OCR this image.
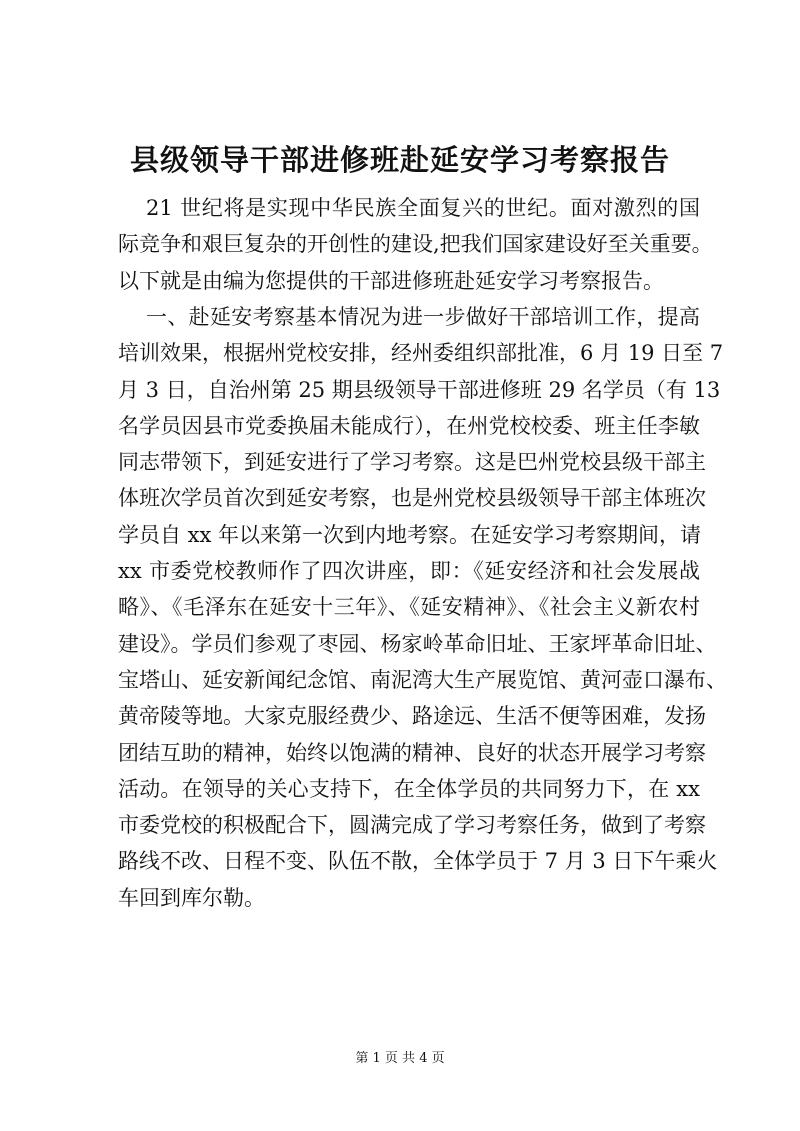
县级领导干部进修班赴延安学习考察报告
21 世纪将是实现中华民族全面复兴的世纪。面对激烈的国
际竞争和艰巨复杂的开创性的建设,把我们国家建设好至关重要。
以下就是由编为您提供的干部进修班赴延安学习考察报告。
一、赴延安考察基本情况为进一步做好干部培训工作，提高
培训效果，根据州党校安排，经州委组织部批准，6 月 19 日至 7
月 3 日，自治州第 25 期县级领导干部进修班 29 名学员（有 13
名学员因县市党委换届未能成行），在州党校校委、班主任李敏
同志带领下，到延安进行了学习考察。这是巴州党校县级干部主
体班次学员首次到延安考察，也是州党校县级领导干部主体班次
学员自 xx 年以来第一次到内地考察。在延安学习考察期间，请
xx 市委党校教师作了四次讲座，即：《延安经济和社会发展战
略》、《毛泽东在延安十三年》、《延安精神》、《社会主义新农村
建设》。学员们参观了枣园、杨家岭革命旧址、王家坪革命旧址、
宝塔山、延安新闻纪念馆、南泥湾大生产展览馆、黄河壶口瀑布、
黄帝陵等地。大家克服经费少、路途远、生活不便等困难，发扬
团结互助的精神，始终以饱满的精神、良好的状态开展学习考察
活动。在领导的关心支持下，在全体学员的共同努力下，在 xx
市委党校的积极配合下，圆满完成了学习考察任务，做到了考察
路线不改、日程不变、队伍不散，全体学员于 7 月 3 日下午乘火
车回到库尔勒。
第 1 页 共 4 页
